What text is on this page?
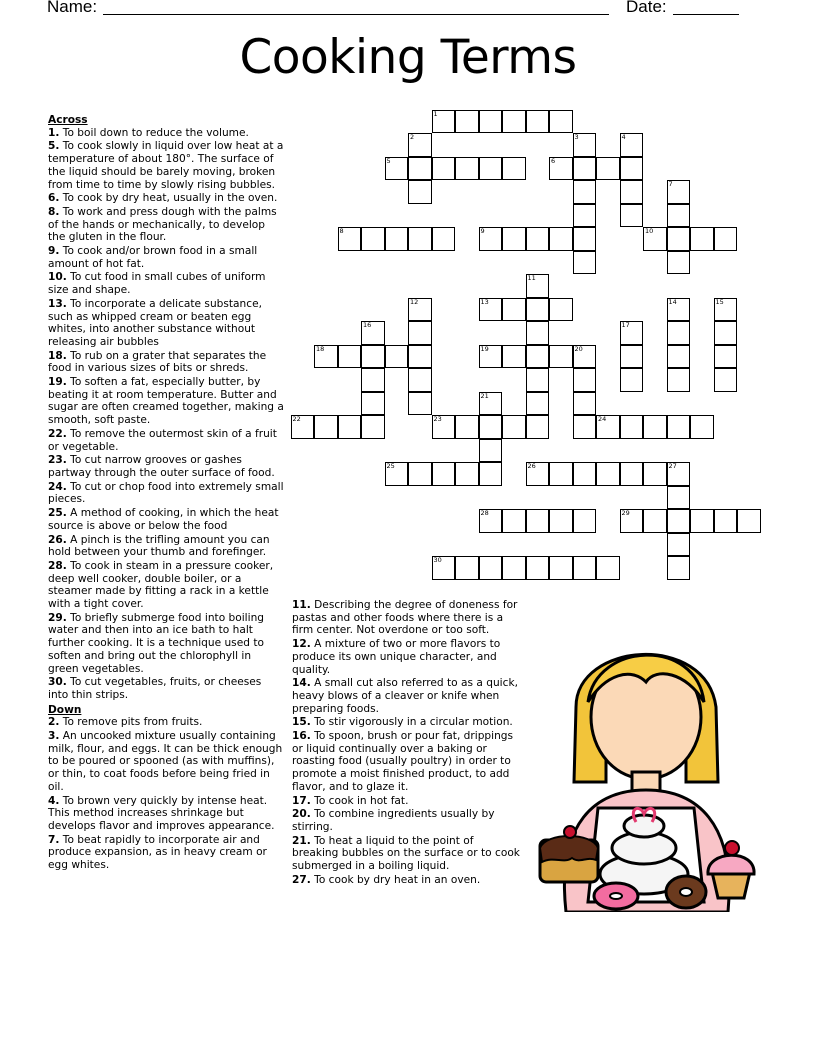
Name:	Date:
Cooking Terms
1
5	6
2	3	4
7
8	9	10
11
13
12	14	15
16	17
18	19	20
21
22	23	24
25	26	27
28	29
30
Across
1. To boil down to reduce the volume.
5. To cook slowly in liquid over low heat at a temperature of about 180°. The surface of the liquid should be barely moving, broken from time to time by slowly rising bubbles.
6. To cook by dry heat, usually in the oven.
8. To work and press dough with the palms of the hands or mechanically, to develop the gluten in the flour.
9. To cook and/or brown food in a small amount of hot fat.
10. To cut food in small cubes of uniform size and shape.
13. To incorporate a delicate substance, such as whipped cream or beaten egg whites, into another substance without releasing air bubbles
18. To rub on a grater that separates the food in various sizes of bits or shreds.
19. To soften a fat, especially butter, by beating it at room temperature. Butter and sugar are often creamed together, making a smooth, soft paste.
22. To remove the outermost skin of a fruit or vegetable.
23. To cut narrow grooves or gashes partway through the outer surface of food.
24. To cut or chop food into extremely small pieces.
25. A method of cooking, in which the heat source is above or below the food
26. A pinch is the trifling amount you can hold between your thumb and forefinger.
28. To cook in steam in a pressure cooker, deep well cooker, double boiler, or a steamer made by fitting a rack in a kettle with a tight cover.
29. To briefly submerge food into boiling water and then into an ice bath to halt further cooking. It is a technique used to soften and bring out the chlorophyll in green vegetables.
30. To cut vegetables, fruits, or cheeses into thin strips.
Down
2. To remove pits from fruits.
3. An uncooked mixture usually containing milk, flour, and eggs. It can be thick enough to be poured or spooned (as with muffins), or thin, to coat foods before being fried in oil.
4. To brown very quickly by intense heat. This method increases shrinkage but develops flavor and improves appearance.
7. To beat rapidly to incorporate air and produce expansion, as in heavy cream or egg whites.
11. Describing the degree of doneness for pastas and other foods where there is a firm center. Not overdone or too soft.
12. A mixture of two or more flavors to produce its own unique character, and quality.
14. A small cut also referred to as a quick, heavy blows of a cleaver or knife when preparing foods.
15. To stir vigorously in a circular motion.
16. To spoon, brush or pour fat, drippings or liquid continually over a baking or roasting food (usually poultry) in order to promote a moist finished product, to add flavor, and to glaze it.
17. To cook in hot fat.
20. To combine ingredients usually by stirring.
21. To heat a liquid to the point of breaking bubbles on the surface or to cook submerged in a boiling liquid.
27. To cook by dry heat in an oven.
